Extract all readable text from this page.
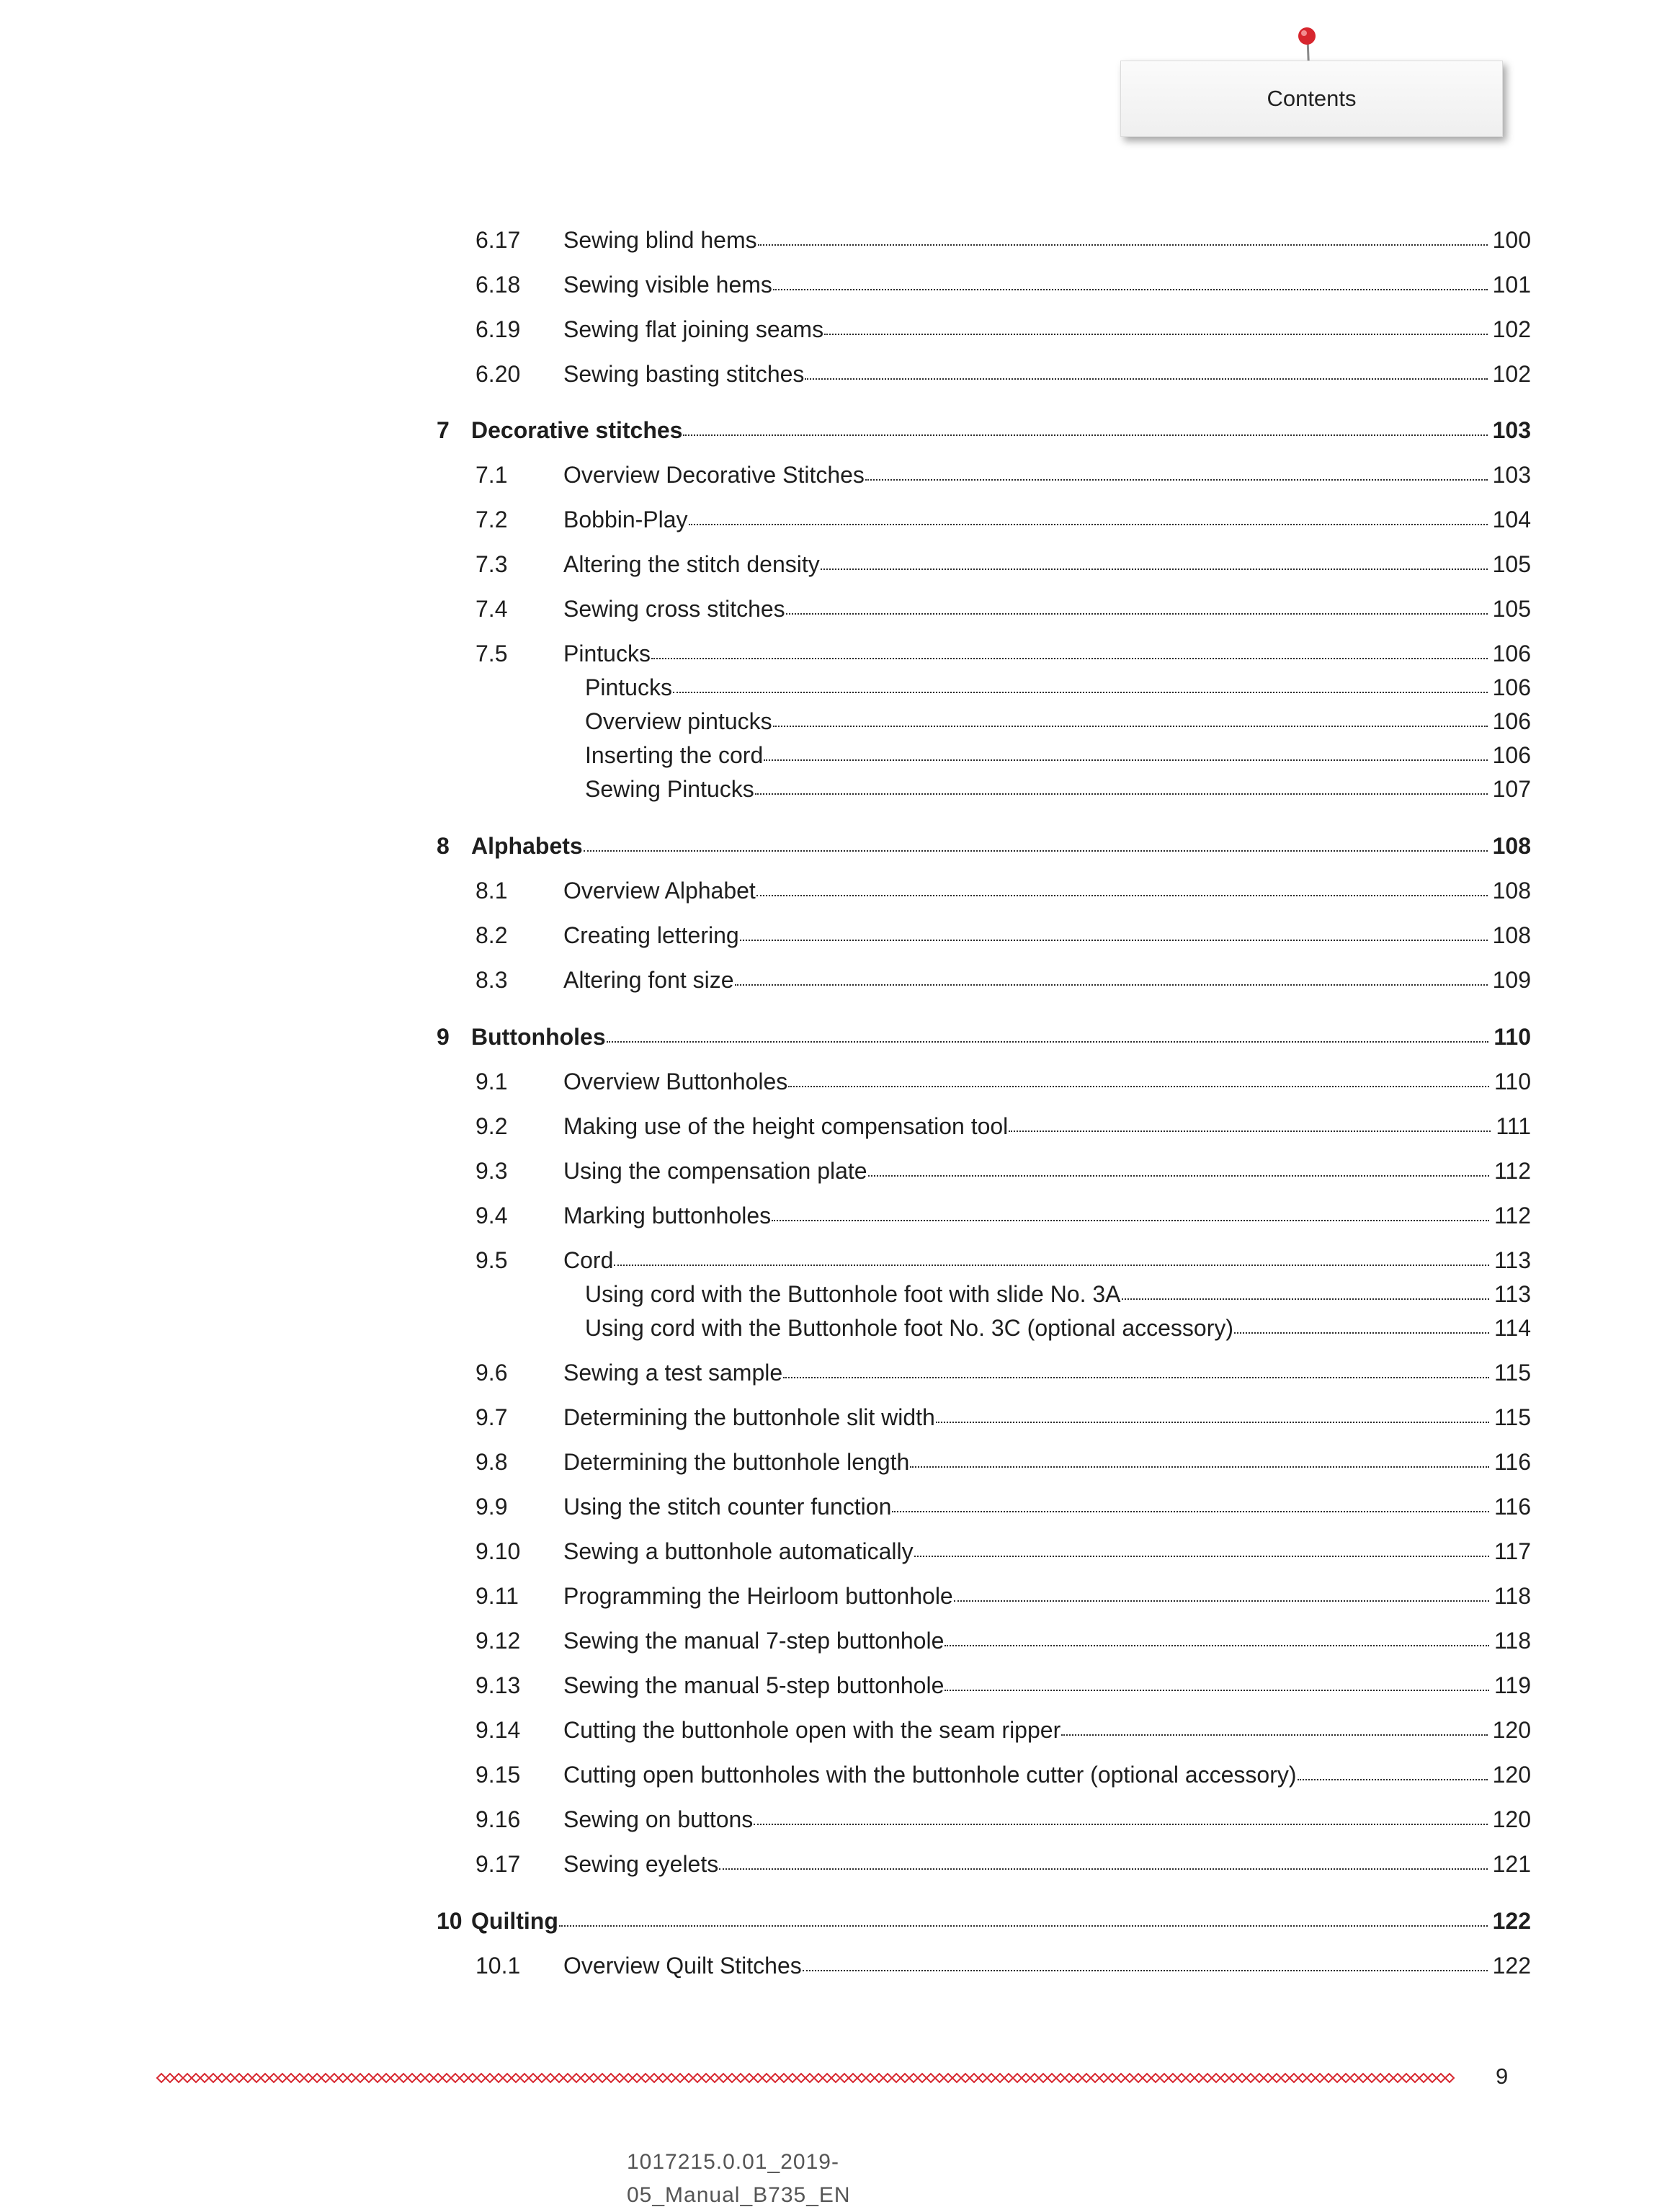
Contents
6.17	Sewing blind hems	100
6.18	Sewing visible hems	101
6.19	Sewing flat joining seams	102
6.20	Sewing basting stitches	102
7 Decorative stitches	103
7.1	Overview Decorative Stitches	103
7.2	Bobbin-Play	104
7.3	Altering the stitch density	105
7.4	Sewing cross stitches	105
7.5	Pintucks	106
Pintucks	106
Overview pintucks	106
Inserting the cord	106
Sewing Pintucks	107
8 Alphabets	108
8.1	Overview Alphabet	108
8.2	Creating lettering	108
8.3	Altering font size	109
9 Buttonholes	110
9.1	Overview Buttonholes	110
9.2	Making use of the height compensation tool	111
9.3	Using the compensation plate	112
9.4	Marking buttonholes	112
9.5	Cord	113
Using cord with the Buttonhole foot with slide No. 3A	113
Using cord with the Buttonhole foot No. 3C (optional accessory)	114
9.6	Sewing a test sample	115
9.7	Determining the buttonhole slit width	115
9.8	Determining the buttonhole length	116
9.9	Using the stitch counter function	116
9.10	Sewing a buttonhole automatically	117
9.11	Programming the Heirloom buttonhole	118
9.12	Sewing the manual 7-step buttonhole	118
9.13	Sewing the manual 5-step buttonhole	119
9.14	Cutting the buttonhole open with the seam ripper	120
9.15	Cutting open buttonholes with the buttonhole cutter (optional accessory)	120
9.16	Sewing on buttons	120
9.17	Sewing eyelets	121
10 Quilting	122
10.1	Overview Quilt Stitches	122
9
1017215.0.01_2019-05_Manual_B735_EN
